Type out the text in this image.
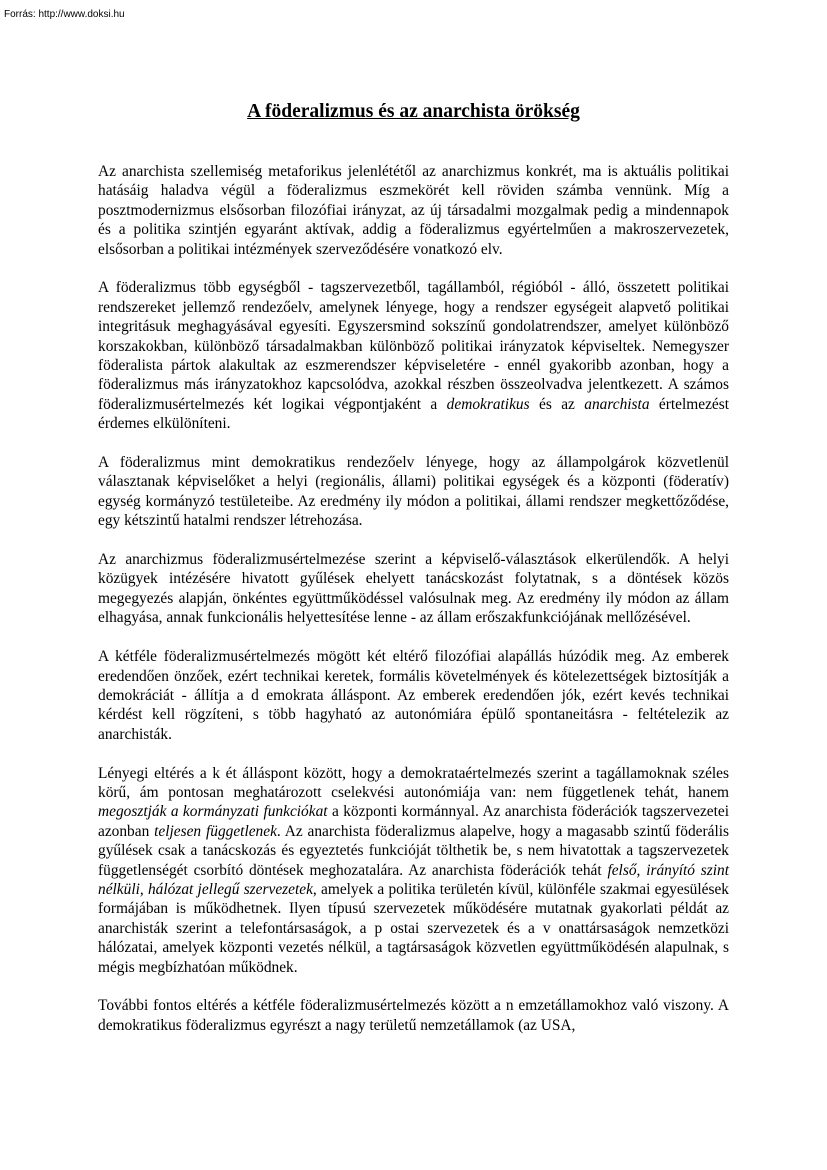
Forrás: http://www.doksi.hu
A föderalizmus és az anarchista örökség

Az anarchista szellemiség metaforikus jelenlététől az anarchizmus konkrét, ma is aktuális politikai hatásáig haladva végül a föderalizmus eszmekörét kell röviden számba vennünk. Míg a posztmodernizmus elsősorban filozófiai irányzat, az új társadalmi mozgalmak pedig a mindennapok és a politika szintjén egyaránt aktívak, addig a föderalizmus egyértelműen a makroszervezetek, elsősorban a politikai intézmények szerveződésére vonatkozó elv.

A föderalizmus több egységből - tagszervezetből, tagállamból, régióból - álló, összetett politikai rendszereket jellemző rendezőelv, amelynek lényege, hogy a rendszer egységeit alapvető politikai integritásuk meghagyásával egyesíti. Egyszersmind sokszínű gondolatrendszer, amelyet különböző korszakokban, különböző társadalmakban különböző politikai irányzatok képviseltek. Nemegyszer föderalista pártok alakultak az eszmerendszer képviseletére - ennél gyakoribb azonban, hogy a föderalizmus más irányzatokhoz kapcsolódva, azokkal részben összeolvadva jelentkezett. A számos föderalizmusértelmezés két logikai végpontjaként a demokratikus és az anarchista értelmezést érdemes elkülöníteni.

A föderalizmus mint demokratikus rendezőelv lényege, hogy az állampolgárok közvetlenül választanak képviselőket a helyi (regionális, állami) politikai egységek és a központi (föderatív) egység kormányzó testületeibe. Az eredmény ily módon a politikai, állami rendszer megkettőződése, egy kétszintű hatalmi rendszer létrehozása.

Az anarchizmus föderalizmusértelmezése szerint a képviselő-választások elkerülendők. A helyi közügyek intézésére hivatott gyűlések ehelyett tanácskozást folytatnak, s a döntések közös megegyezés alapján, önkéntes együttműködéssel valósulnak meg. Az eredmény ily módon az állam elhagyása, annak funkcionális helyettesítése lenne - az állam erőszakfunkciójának mellőzésével.

A kétféle föderalizmusértelmezés mögött két eltérő filozófiai alapállás húzódik meg. Az emberek eredendően önzőek, ezért technikai keretek, formális követelmények és kötelezettségek biztosítják a demokráciát - állítja a d emokrata álláspont. Az emberek eredendően jók, ezért kevés technikai kérdést kell rögzíteni, s több hagyható az autonómiára épülő spontaneitásra - feltételezik az anarchisták.

Lényegi eltérés a k ét álláspont között, hogy a demokrataértelmezés szerint a tagállamoknak széles körű, ám pontosan meghatározott cselekvési autonómiája van: nem függetlenek tehát, hanem megosztják a kormányzati funkciókat a központi kormánnyal. Az anarchista föderációk tagszervezetei azonban teljesen függetlenek. Az anarchista föderalizmus alapelve, hogy a magasabb szintű föderális gyűlések csak a tanácskozás és egyeztetés funkcióját tölthetik be, s nem hivatottak a tagszervezetek függetlenségét csorbító döntések meghozatalára. Az anarchista föderációk tehát felső, irányító szint nélküli, hálózat jellegű szervezetek, amelyek a politika területén kívül, különféle szakmai egyesülések formájában is működhetnek. Ilyen típusú szervezetek működésére mutatnak gyakorlati példát az anarchisták szerint a telefontársaságok, a p ostai szervezetek és a v onattársaságok nemzetközi hálózatai, amelyek központi vezetés nélkül, a tagtársaságok közvetlen együttműködésén alapulnak, s mégis megbízhatóan működnek.

További fontos eltérés a kétféle föderalizmusértelmezés között a n emzetállamokhoz való viszony. A demokratikus föderalizmus egyrészt a nagy területű nemzetállamok (az USA,
